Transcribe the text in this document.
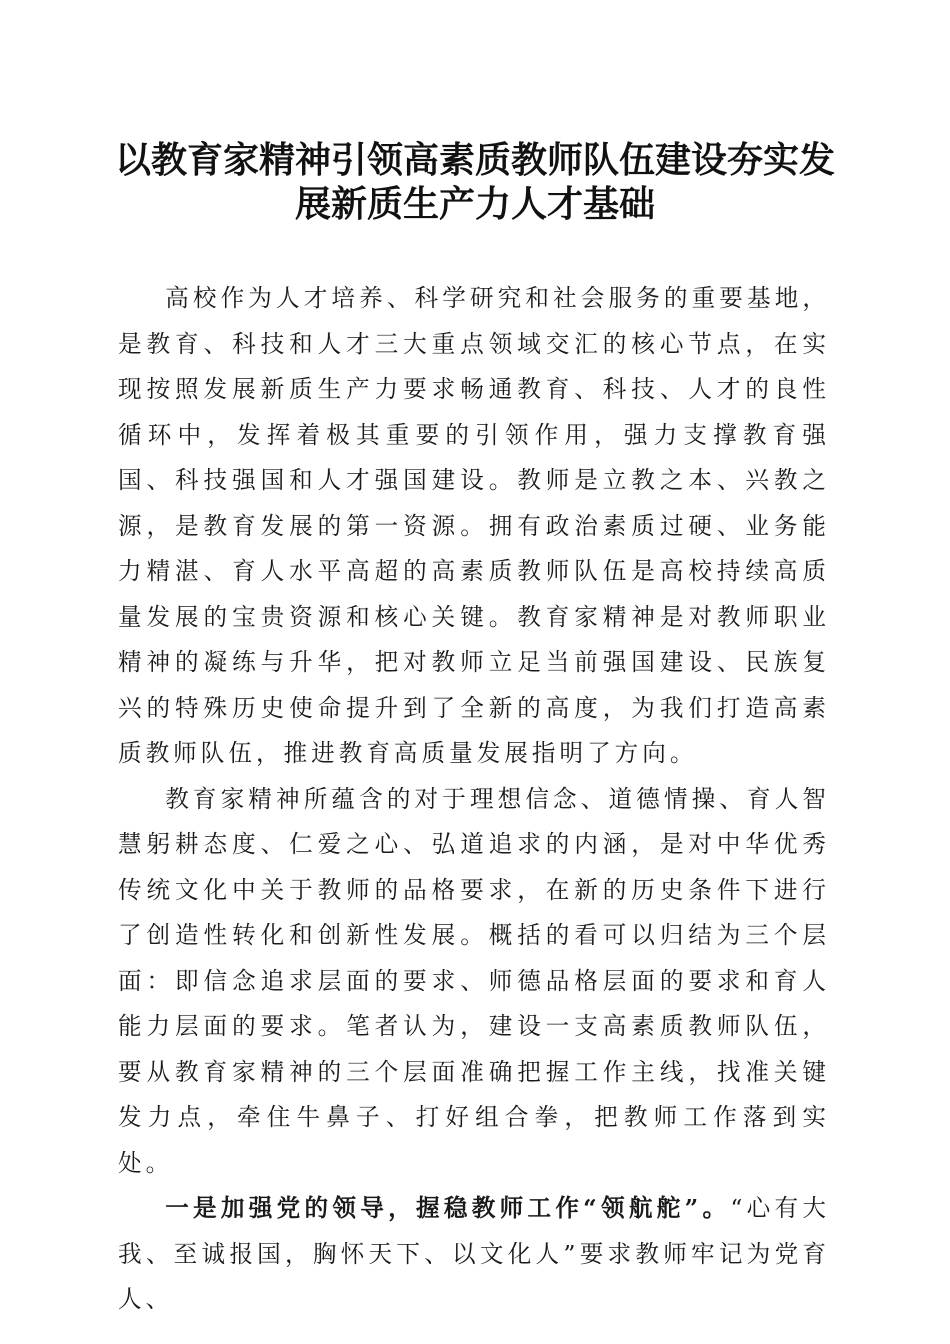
以教育家精神引领高素质教师队伍建设夯实发
展新质生产力人才基础

高校作为人才培养、科学研究和社会服务的重要基地，是教育、科技和人才三大重点领域交汇的核心节点，在实现按照发展新质生产力要求畅通教育、科技、人才的良性循环中，发挥着极其重要的引领作用，强力支撑教育强国、科技强国和人才强国建设。教师是立教之本、兴教之源，是教育发展的第一资源。拥有政治素质过硬、业务能力精湛、育人水平高超的高素质教师队伍是高校持续高质量发展的宝贵资源和核心关键。教育家精神是对教师职业精神的凝练与升华，把对教师立足当前强国建设、民族复兴的特殊历史使命提升到了全新的高度，为我们打造高素质教师队伍，推进教育高质量发展指明了方向。

教育家精神所蕴含的对于理想信念、道德情操、育人智慧躬耕态度、仁爱之心、弘道追求的内涵，是对中华优秀传统文化中关于教师的品格要求，在新的历史条件下进行了创造性转化和创新性发展。概括的看可以归结为三个层面：即信念追求层面的要求、师德品格层面的要求和育人能力层面的要求。笔者认为，建设一支高素质教师队伍，要从教育家精神的三个层面准确把握工作主线，找准关键发力点，牵住牛鼻子、打好组合拳，把教师工作落到实处。

一是加强党的领导，握稳教师工作“领航舵”。“心有大我、至诚报国，胸怀天下、以文化人”要求教师牢记为党育人、
